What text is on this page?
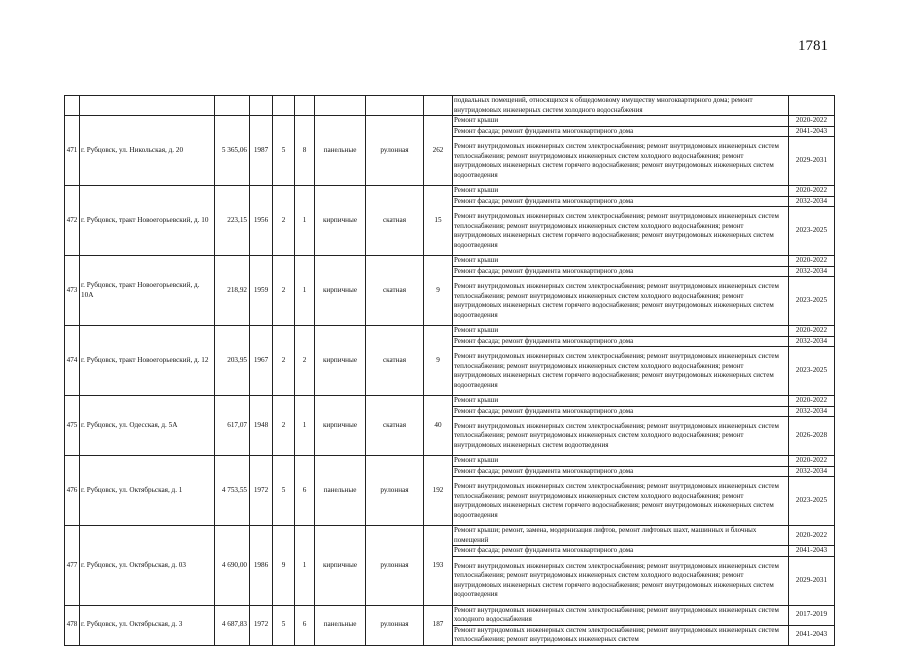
1781
									подвальных помещений, относящихся к общедомовому имуществу многоквартирного дома; ремонт внутридомовых инженерных систем холодного водоснабжения	
471	г. Рубцовск, ул. Никольская, д. 20	5 365,06	1987	5	8	панельные	рулонная	262	Ремонт крыши	2020-2022
									Ремонт фасада; ремонт фундамента многоквартирного дома	2041-2043
									Ремонт внутридомовых инженерных систем электроснабжения; ремонт внутридомовых инженерных систем теплоснабжения; ремонт внутридомовых инженерных систем холодного водоснабжения; ремонт внутридомовых инженерных систем горячего водоснабжения; ремонт внутридомовых инженерных систем водоотведения	2029-2031
472	г. Рубцовск, тракт Новоегорьевский, д. 10	223,15	1956	2	1	кирпичные	скатная	15	Ремонт крыши	2020-2022
									Ремонт фасада; ремонт фундамента многоквартирного дома	2032-2034
									Ремонт внутридомовых инженерных систем электроснабжения; ремонт внутридомовых инженерных систем теплоснабжения; ремонт внутридомовых инженерных систем холодного водоснабжения; ремонт внутридомовых инженерных систем горячего водоснабжения; ремонт внутридомовых инженерных систем водоотведения	2023-2025
473	г. Рубцовск, тракт Новоегорьевский, д. 10А	218,92	1959	2	1	кирпичные	скатная	9	Ремонт крыши	2020-2022
									Ремонт фасада; ремонт фундамента многоквартирного дома	2032-2034
									Ремонт внутридомовых инженерных систем электроснабжения; ремонт внутридомовых инженерных систем теплоснабжения; ремонт внутридомовых инженерных систем холодного водоснабжения; ремонт внутридомовых инженерных систем горячего водоснабжения; ремонт внутридомовых инженерных систем водоотведения	2023-2025
474	г. Рубцовск, тракт Новоегорьевский, д. 12	203,95	1967	2	2	кирпичные	скатная	9	Ремонт крыши	2020-2022
									Ремонт фасада; ремонт фундамента многоквартирного дома	2032-2034
									Ремонт внутридомовых инженерных систем электроснабжения; ремонт внутридомовых инженерных систем теплоснабжения; ремонт внутридомовых инженерных систем холодного водоснабжения; ремонт внутридомовых инженерных систем горячего водоснабжения; ремонт внутридомовых инженерных систем водоотведения	2023-2025
475	г. Рубцовск, ул. Одесская, д. 5А	617,07	1948	2	1	кирпичные	скатная	40	Ремонт крыши	2020-2022
									Ремонт фасада; ремонт фундамента многоквартирного дома	2032-2034
									Ремонт внутридомовых инженерных систем электроснабжения; ремонт внутридомовых инженерных систем теплоснабжения; ремонт внутридомовых инженерных систем холодного водоснабжения; ремонт внутридомовых инженерных систем водоотведения	2026-2028
476	г. Рубцовск, ул. Октябрьская, д. 1	4 753,55	1972	5	6	панельные	рулонная	192	Ремонт крыши	2020-2022
									Ремонт фасада; ремонт фундамента многоквартирного дома	2032-2034
									Ремонт внутридомовых инженерных систем электроснабжения; ремонт внутридомовых инженерных систем теплоснабжения; ремонт внутридомовых инженерных систем холодного водоснабжения; ремонт внутридомовых инженерных систем горячего водоснабжения; ремонт внутридомовых инженерных систем водоотведения	2023-2025
477	г. Рубцовск, ул. Октябрьская, д. 03	4 690,00	1986	9	1	кирпичные	рулонная	193	Ремонт крыши; ремонт, замена, модернизация лифтов, ремонт лифтовых шахт, машинных и блочных помещений	2020-2022
									Ремонт фасада; ремонт фундамента многоквартирного дома	2041-2043
									Ремонт внутридомовых инженерных систем электроснабжения; ремонт внутридомовых инженерных систем теплоснабжения; ремонт внутридомовых инженерных систем холодного водоснабжения; ремонт внутридомовых инженерных систем горячего водоснабжения; ремонт внутридомовых инженерных систем водоотведения	2029-2031
478	г. Рубцовск, ул. Октябрьская, д. 3	4 687,83	1972	5	6	панельные	рулонная	187	Ремонт внутридомовых инженерных систем электроснабжения; ремонт внутридомовых инженерных систем холодного водоснабжения	2017-2019
									Ремонт внутридомовых инженерных систем электроснабжения; ремонт внутридомовых инженерных систем теплоснабжения; ремонт внутридомовых инженерных систем	2041-2043
